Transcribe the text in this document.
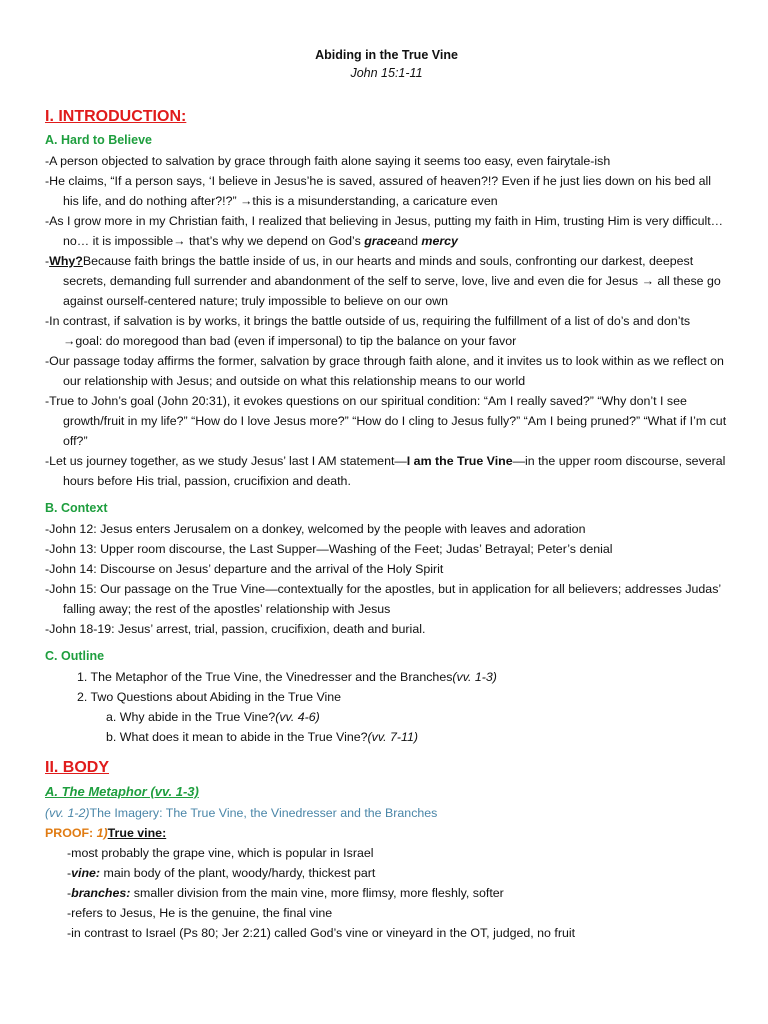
Abiding in the True Vine

John 15:1-11

I. INTRODUCTION:

A. Hard to Believe

-A person objected to salvation by grace through faith alone saying it seems too easy, even fairytale-ish

-He claims, “If a person says, ‘I believe in Jesus’he is saved, assured of heaven?!? Even if he just lies down on his bed all his life, and do nothing after?!?” →this is a misunderstanding, a caricature even

-As I grow more in my Christian faith, I realized that believing in Jesus, putting my faith in Him, trusting Him is very difficult… no… it is impossible→ that’s why we depend on God’s graceand mercy

-Why?Because faith brings the battle inside of us, in our hearts and minds and souls, confronting our darkest, deepest secrets, demanding full surrender and abandonment of the self to serve, love, live and even die for Jesus → all these go against ourself-centered nature; truly impossible to believe on our own

-In contrast, if salvation is by works, it brings the battle outside of us, requiring the fulfillment of a list of do’s and don’ts →goal: do moregood than bad (even if impersonal) to tip the balance on your favor

-Our passage today affirms the former, salvation by grace through faith alone, and it invites us to look within as we reflect on our relationship with Jesus; and outside on what this relationship means to our world

-True to John’s goal (John 20:31), it evokes questions on our spiritual condition: “Am I really saved?” “Why don’t I see growth/fruit in my life?” “How do I love Jesus more?” “How do I cling to Jesus fully?” “Am I being pruned?” “What if I’m cut off?”

-Let us journey together, as we study Jesus’ last I AM statement—I am the True Vine—in the upper room discourse, several hours before His trial, passion, crucifixion and death.

B. Context

-John 12: Jesus enters Jerusalem on a donkey, welcomed by the people with leaves and adoration

-John 13: Upper room discourse, the Last Supper—Washing of the Feet; Judas’ Betrayal; Peter’s denial

-John 14: Discourse on Jesus’ departure and the arrival of the Holy Spirit

-John 15: Our passage on the True Vine—contextually for the apostles, but in application for all believers; addresses Judas’ falling away; the rest of the apostles’ relationship with Jesus

-John 18-19: Jesus’ arrest, trial, passion, crucifixion, death and burial.

C. Outline

1. The Metaphor of the True Vine, the Vinedresser and the Branches(vv. 1-3)

2. Two Questions about Abiding in the True Vine

a. Why abide in the True Vine?(vv. 4-6)

b. What does it mean to abide in the True Vine?(vv. 7-11)

II. BODY

A. The Metaphor (vv. 1-3)

(vv. 1-2)The Imagery: The True Vine, the Vinedresser and the Branches

PROOF: 1)True vine:

-most probably the grape vine, which is popular in Israel

-vine: main body of the plant, woody/hardy, thickest part

-branches: smaller division from the main vine, more flimsy, more fleshly, softer

-refers to Jesus, He is the genuine, the final vine

-in contrast to Israel (Ps 80; Jer 2:21) called God’s vine or vineyard in the OT, judged, no fruit
